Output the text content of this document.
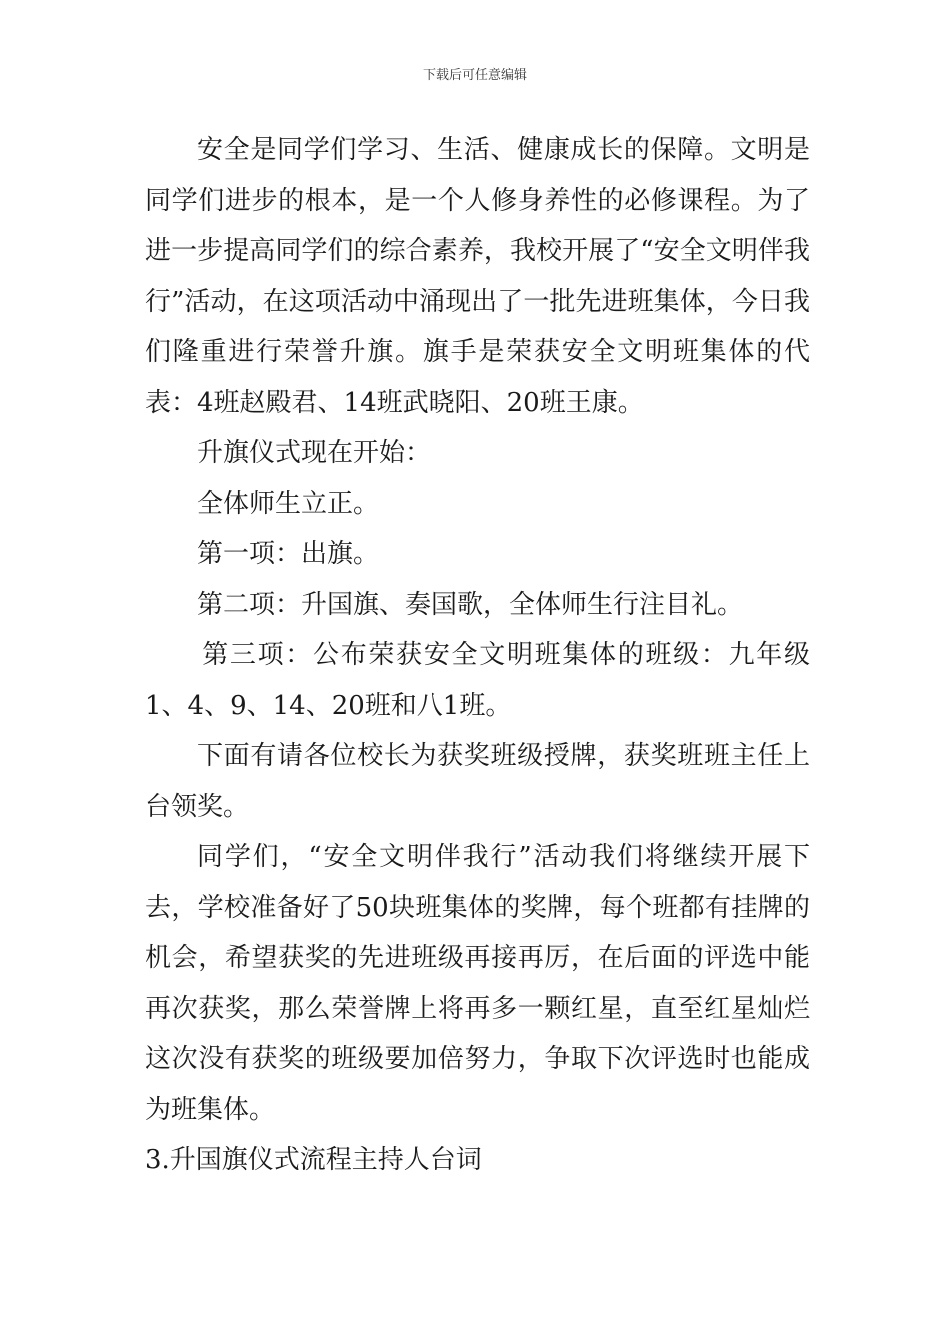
下载后可任意编辑

安全是同学们学习、生活、健康成长的保障。文明是同学们进步的根本，是一个人修身养性的必修课程。为了进一步提高同学们的综合素养，我校开展了“安全文明伴我行”活动，在这项活动中涌现出了一批先进班集体，今日我们隆重进行荣誉升旗。旗手是荣获安全文明班集体的代表：4班赵殿君、14班武晓阳、20班王康。

升旗仪式现在开始：

全体师生立正。

第一项：出旗。

第二项：升国旗、奏国歌，全体师生行注目礼。

第三项：公布荣获安全文明班集体的班级：九年级1、4、9、14、20班和八1班。

下面有请各位校长为获奖班级授牌，获奖班班主任上台领奖。

同学们，“安全文明伴我行”活动我们将继续开展下去，学校准备好了50块班集体的奖牌，每个班都有挂牌的机会，希望获奖的先进班级再接再厉，在后面的评选中能再次获奖，那么荣誉牌上将再多一颗红星，直至红星灿烂这次没有获奖的班级要加倍努力，争取下次评选时也能成为班集体。

3.升国旗仪式流程主持人台词
